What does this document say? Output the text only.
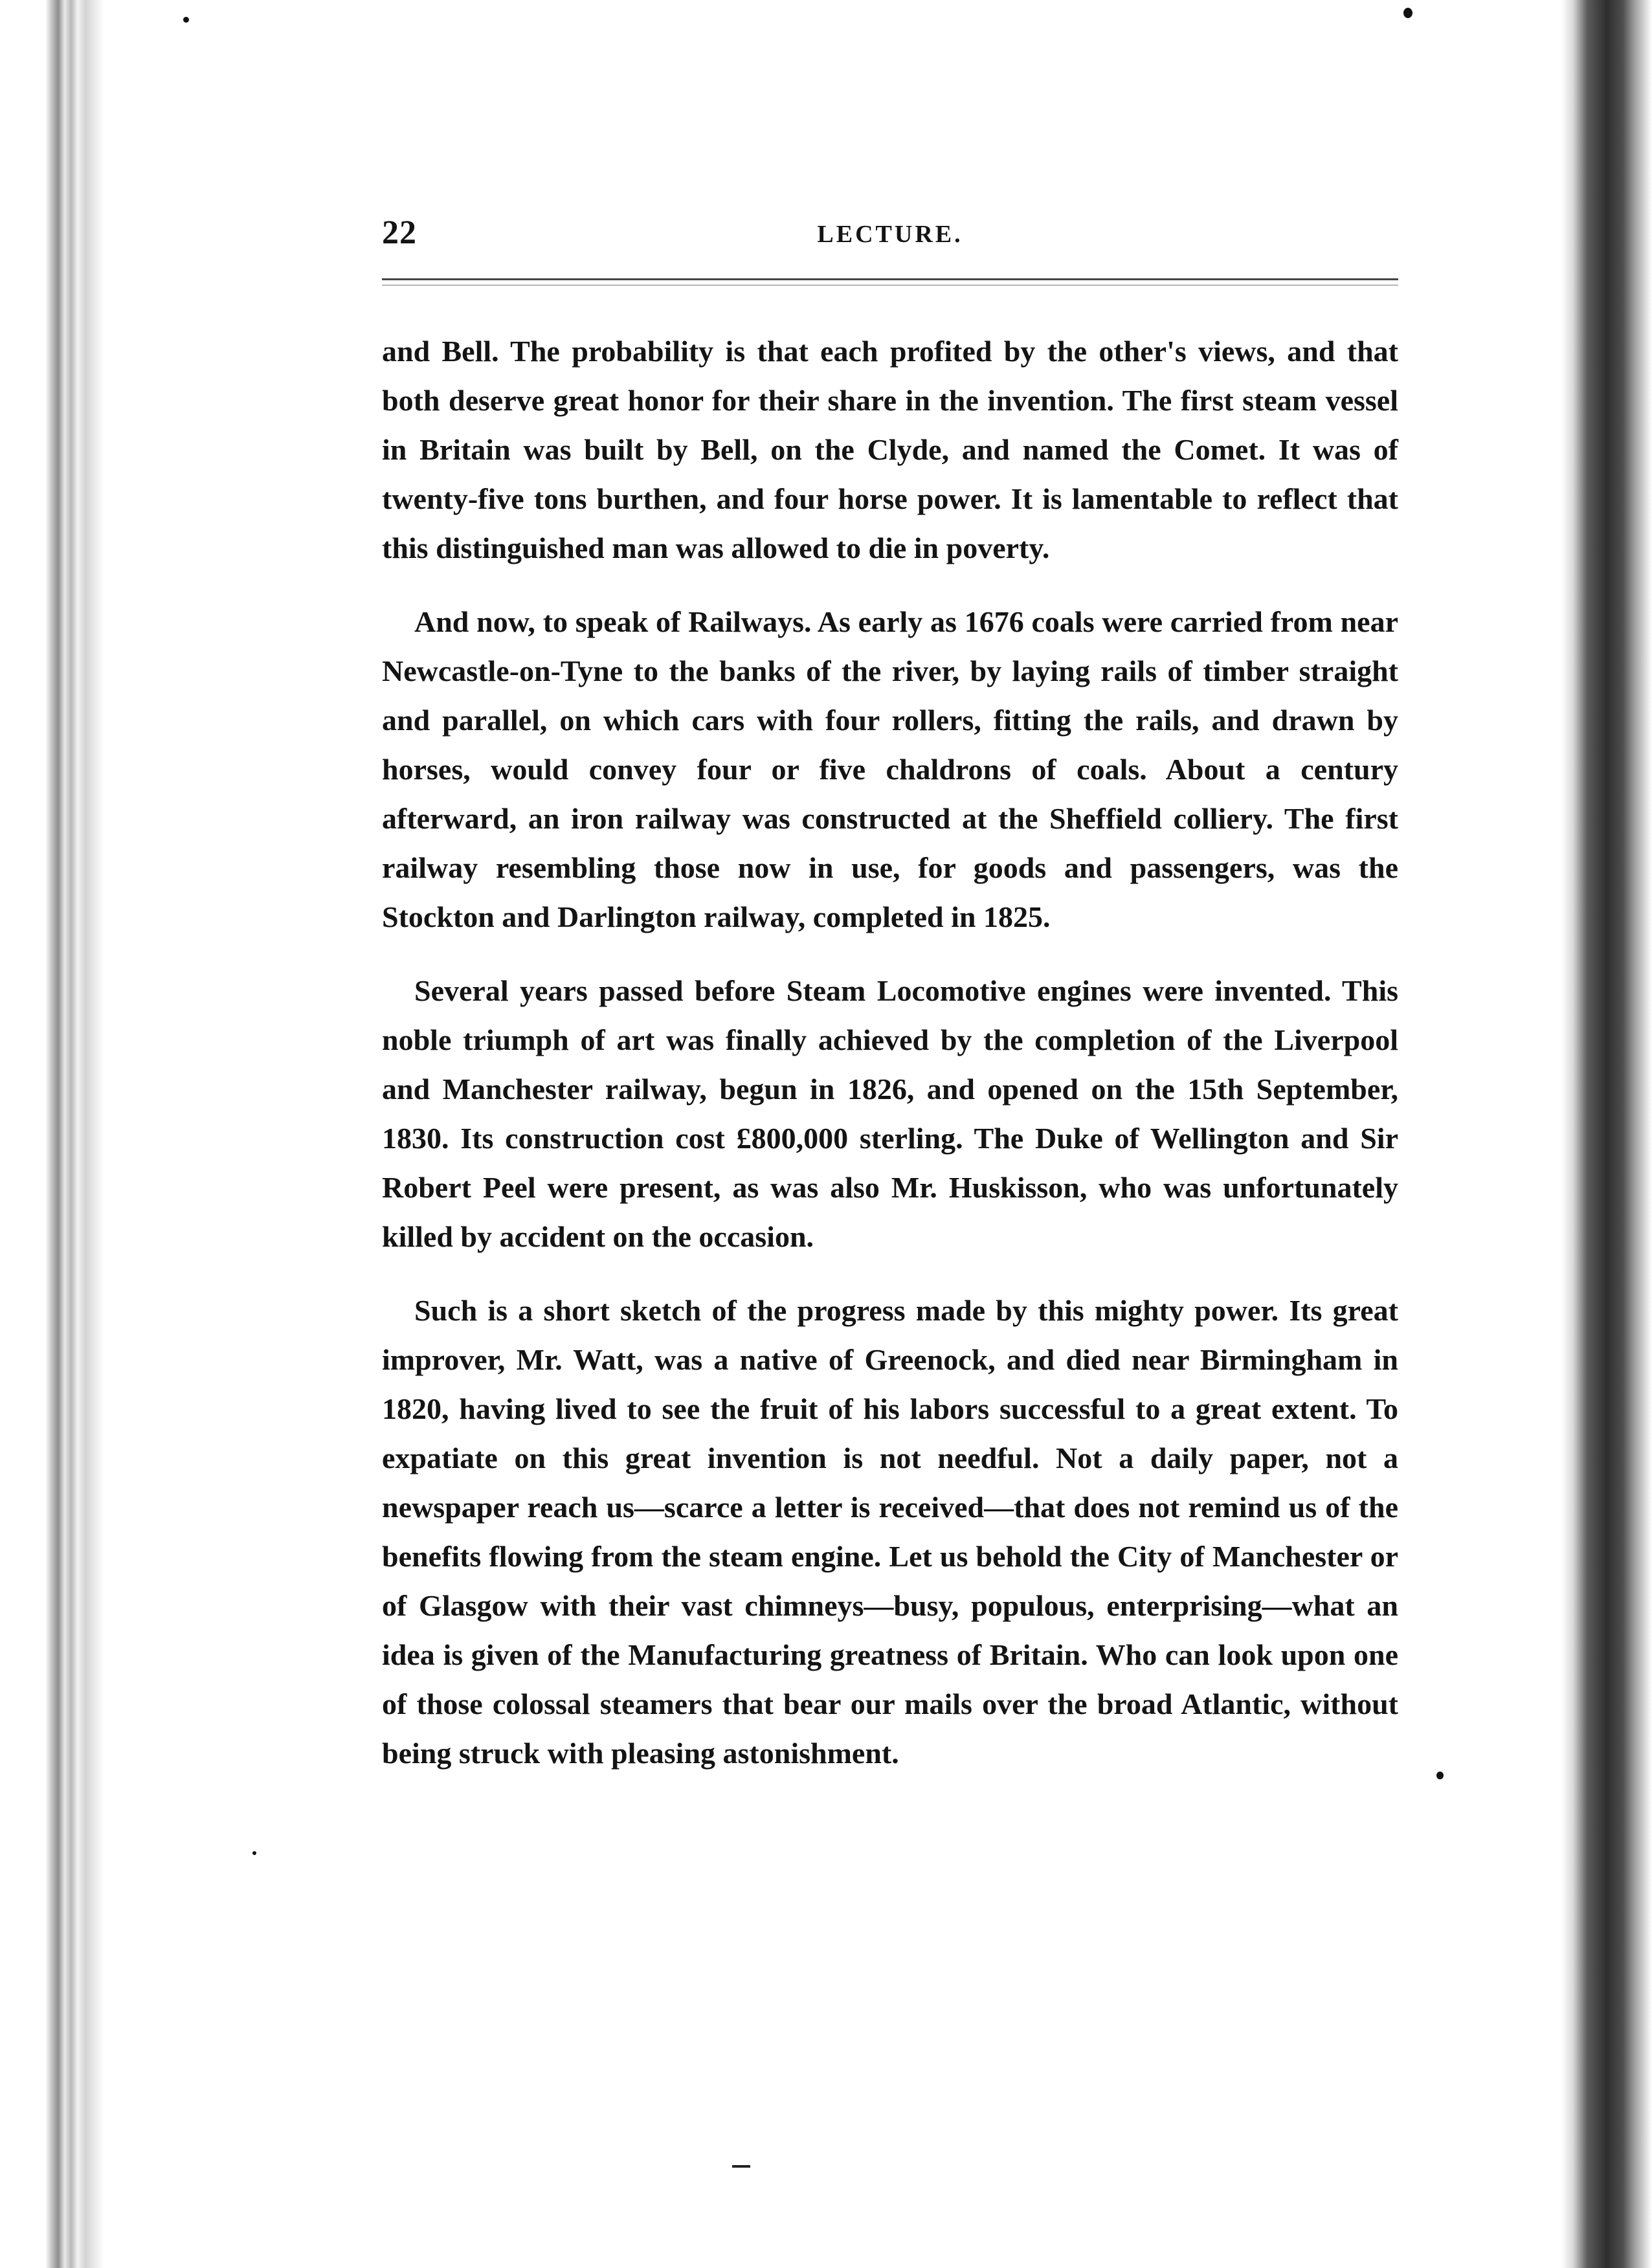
22	LECTURE.

and Bell. The probability is that each profited by the other's views, and that both deserve great honor for their share in the invention. The first steam vessel in Britain was built by Bell, on the Clyde, and named the Comet. It was of twenty-five tons burthen, and four horse power. It is lamentable to reflect that this distinguished man was allowed to die in poverty.

And now, to speak of Railways. As early as 1676 coals were carried from near Newcastle-on-Tyne to the banks of the river, by laying rails of timber straight and parallel, on which cars with four rollers, fitting the rails, and drawn by horses, would convey four or five chaldrons of coals. About a century afterward, an iron railway was constructed at the Sheffield colliery. The first railway resembling those now in use, for goods and passengers, was the Stockton and Darlington railway, completed in 1825.

Several years passed before Steam Locomotive engines were invented. This noble triumph of art was finally achieved by the completion of the Liverpool and Manchester railway, begun in 1826, and opened on the 15th September, 1830. Its construction cost £800,000 sterling. The Duke of Wellington and Sir Robert Peel were present, as was also Mr. Huskisson, who was unfortunately killed by accident on the occasion.

Such is a short sketch of the progress made by this mighty power. Its great improver, Mr. Watt, was a native of Greenock, and died near Birmingham in 1820, having lived to see the fruit of his labors successful to a great extent. To expatiate on this great invention is not needful. Not a daily paper, not a newspaper reach us—scarce a letter is received—that does not remind us of the benefits flowing from the steam engine. Let us behold the City of Manchester or of Glasgow with their vast chimneys—busy, populous, enterprising—what an idea is given of the Manufacturing greatness of Britain. Who can look upon one of those colossal steamers that bear our mails over the broad Atlantic, without being struck with pleasing astonishment.
